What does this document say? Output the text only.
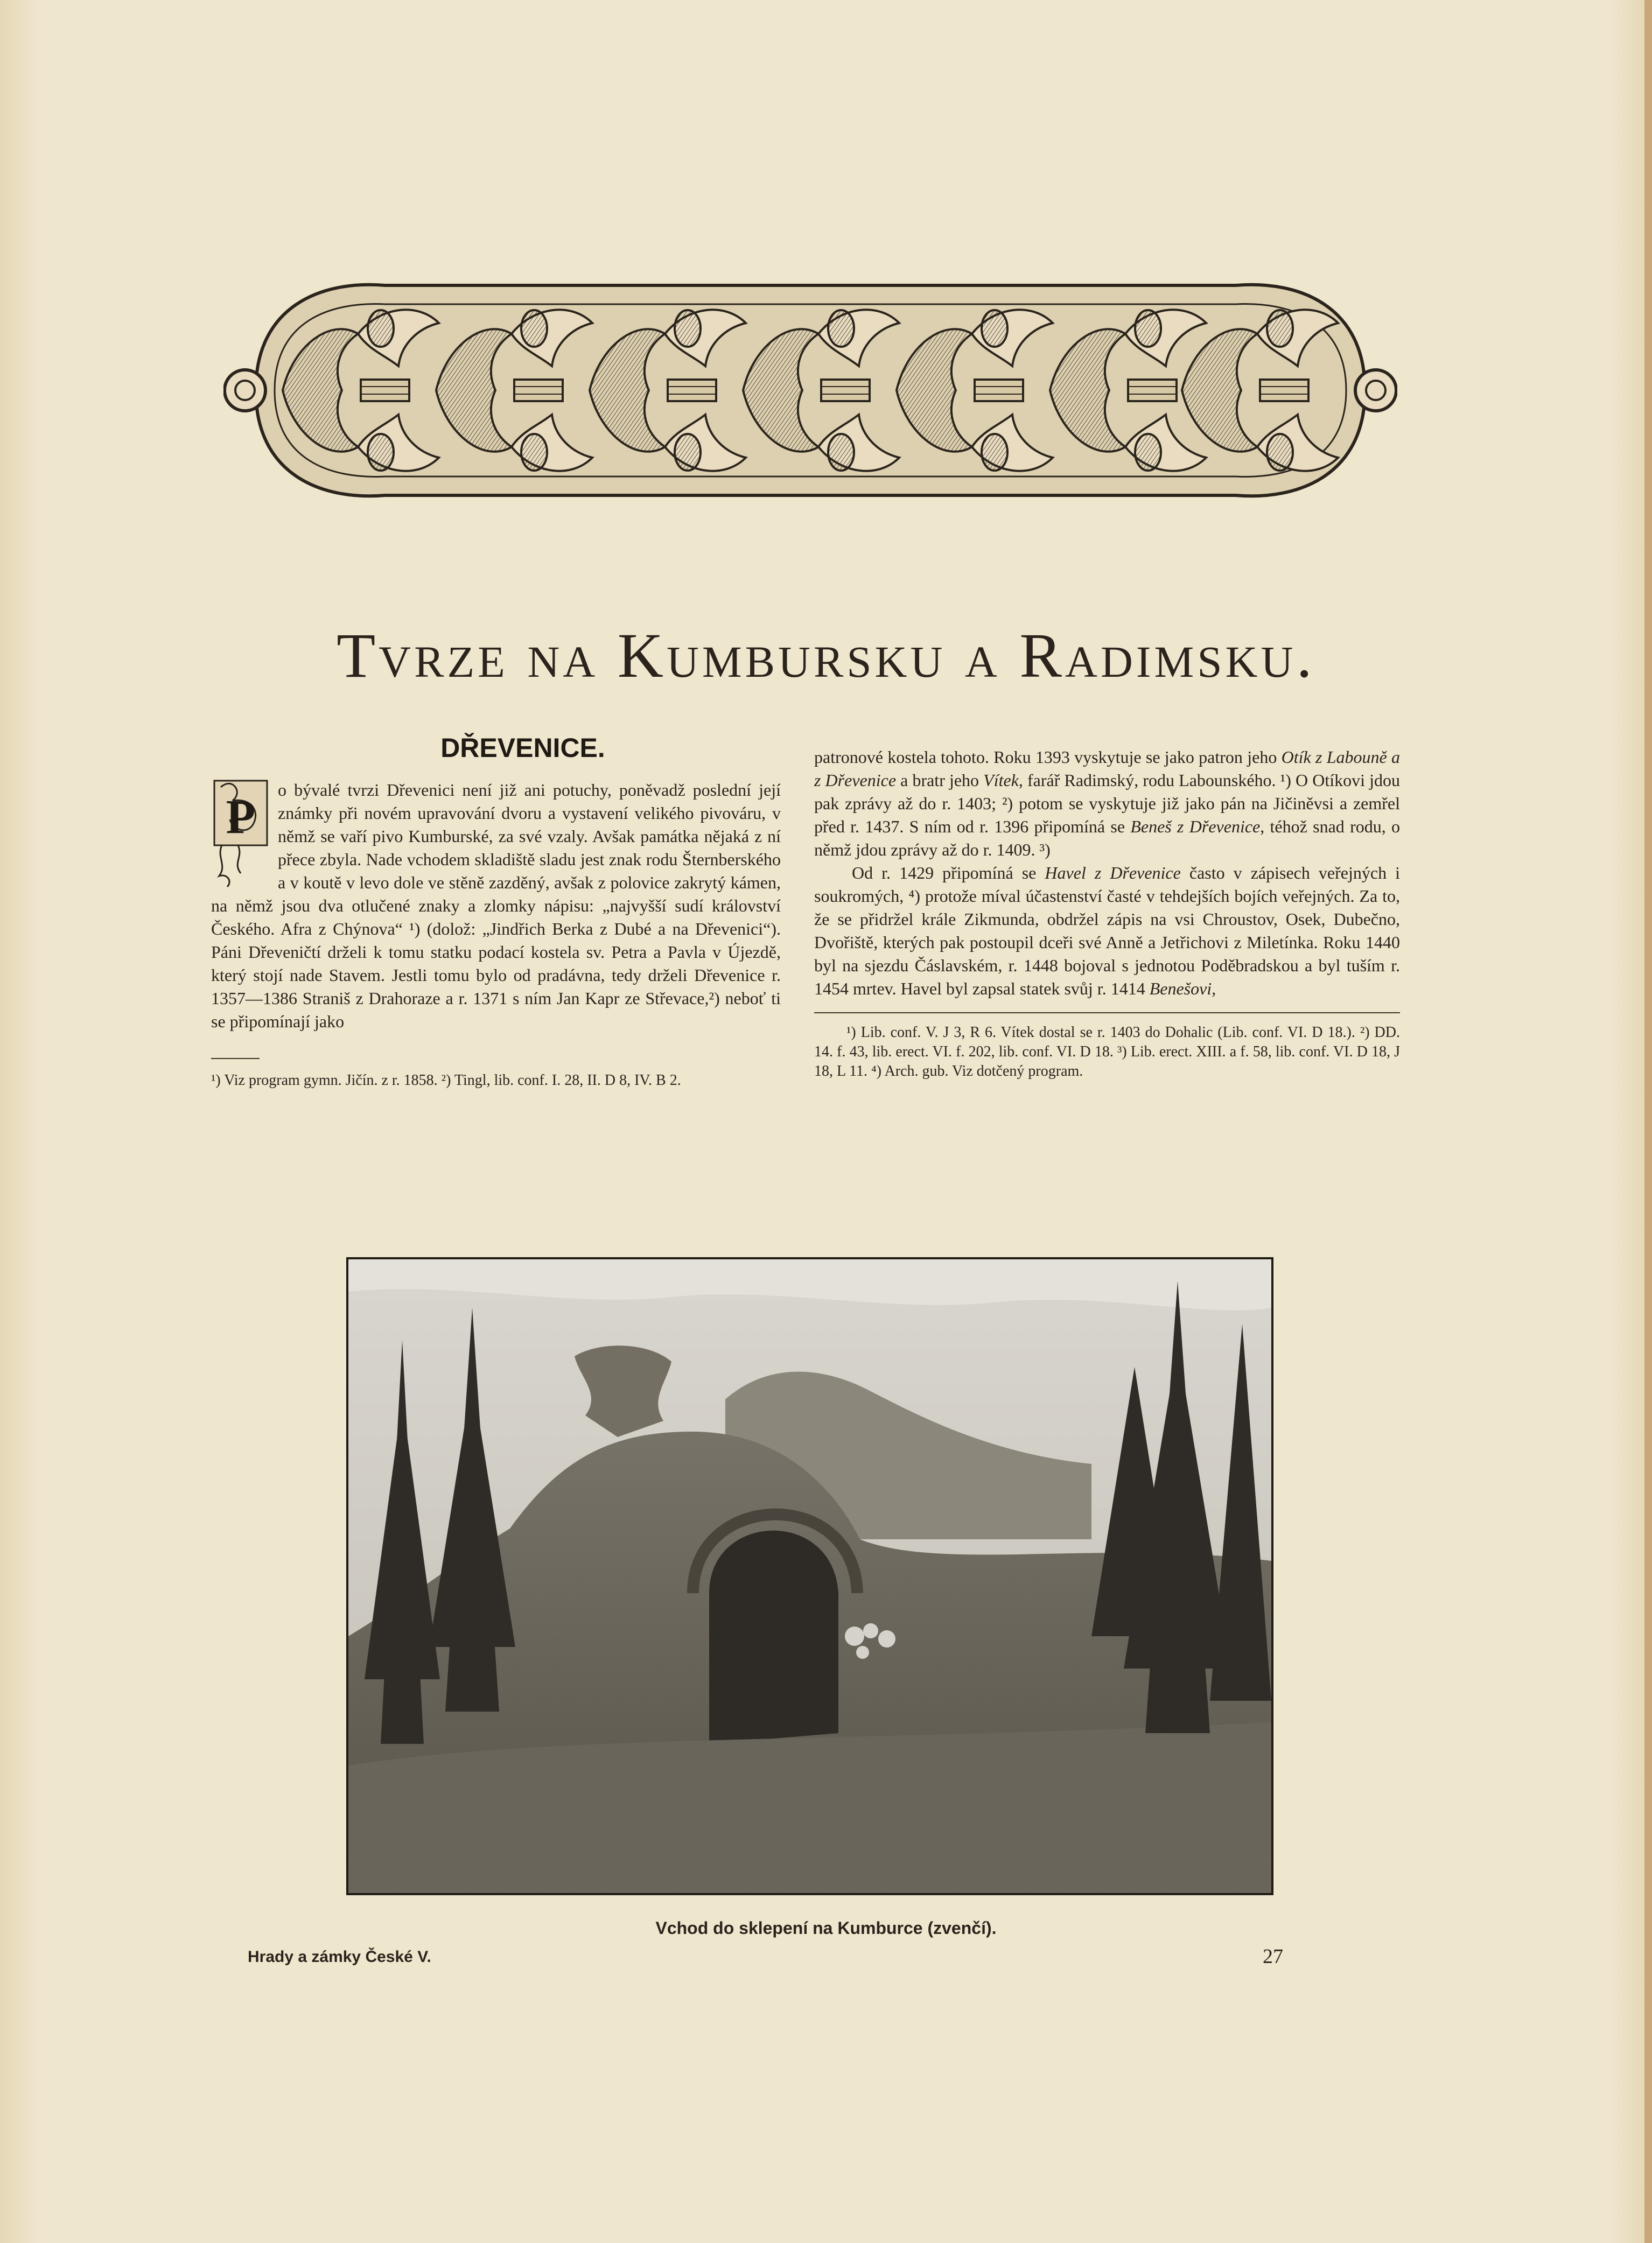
Tvrze na Kumbursku a Radimsku.
DŘEVENICE.
P

o bývalé tvrzi Dřevenici není již ani potuchy, poněvadž poslední její známky při novém upravování dvoru a vystavení velikého pivováru, v němž se vaří pivo Kumburské, za své vzaly. Avšak památka nějaká z ní přece zbyla. Nade vchodem skladiště sladu jest znak rodu Šternberského a v koutě v levo dole ve stěně zazděný, avšak z polovice zakrytý kámen, na němž jsou dva otlučené znaky a zlomky nápisu: „najvyšší sudí království Českého. Afra z Chýnova“ ¹) (dolož: „Jindřich Berka z Dubé a na Dřevenici“). Páni Dřeveničtí drželi k tomu statku podací kostela sv. Petra a Pavla v Újezdě, který stojí nade Stavem. Jestli tomu bylo od pradávna, tedy drželi Dřevenice r. 1357—1386 Straniš z Drahoraze a r. 1371 s ním Jan Kapr ze Střevace,²) neboť ti se připomínají jako

¹) Viz program gymn. Jičín. z r. 1858. ²) Tingl, lib. conf. I. 28, II. D 8, IV. B 2.

patronové kostela tohoto. Roku 1393 vyskytuje se jako patron jeho Otík z Labouně a z Dřevenice a bratr jeho Vítek, farář Radimský, rodu Labounského. ¹) O Otíkovi jdou pak zprávy až do r. 1403; ²) potom se vyskytuje již jako pán na Jičiněvsi a zemřel před r. 1437. S ním od r. 1396 připomíná se Beneš z Dřevenice, téhož snad rodu, o němž jdou zprávy až do r. 1409. ³)

Od r. 1429 připomíná se Havel z Dřevenice často v zápisech veřejných i soukromých, ⁴) protože míval účastenství časté v tehdejších bojích veřejných. Za to, že se přidržel krále Zikmunda, obdržel zápis na vsi Chroustov, Osek, Dubečno, Dvořiště, kterých pak postoupil dceři své Anně a Jetřichovi z Miletínka. Roku 1440 byl na sjezdu Čáslavském, r. 1448 bojoval s jednotou Poděbradskou a byl tuším r. 1454 mrtev. Havel byl zapsal statek svůj r. 1414 Benešovi,

¹) Lib. conf. V. J 3, R 6. Vítek dostal se r. 1403 do Dohalic (Lib. conf. VI. D 18.). ²) DD. 14. f. 43, lib. erect. VI. f. 202, lib. conf. VI. D 18. ³) Lib. erect. XIII. a f. 58, lib. conf. VI. D 18, J 18, L 11. ⁴) Arch. gub. Viz dotčený program.

Vchod do sklepení na Kumburce (zvenčí).
Hrady a zámky České V.	27
